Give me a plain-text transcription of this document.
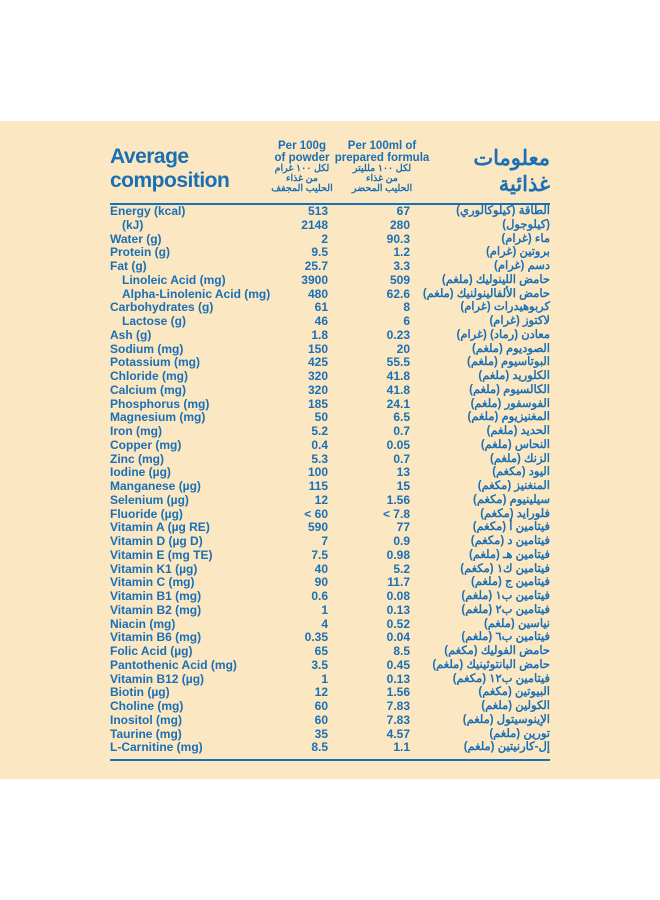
Average
composition
Per 100g
of powder
لكل ١٠٠ غرام
من غذاء
الحليب المجفف
Per 100ml of
prepared formula
لكل ١٠٠ ملليتر
من غذاء
الحليب المحضر
معلومات
غذائية
Energy (kcal)	513	67	الطاقة (كيلوكالوري)
(kJ)	2148	280	(كيلوجول)
Water (g)	2	90.3	ماء (غرام)
Protein (g)	9.5	1.2	بروتين (غرام)
Fat (g)	25.7	3.3	دسم (غرام)
Linoleic Acid (mg)	3900	509	حامض اللينوليك (ملغم)
Alpha-Linolenic Acid (mg)	480	62.6 حامض الألفالينولنيك (ملغم)
Carbohydrates (g)	61	8	كربوهيدرات (غرام)
Lactose (g)	46	6	لاكتوز (غرام)
Ash (g)	1.8	0.23	معادن (رماد) (غرام)
Sodium (mg)	150	20	الصوديوم (ملغم)
Potassium (mg)	425	55.5	البوتاسيوم (ملغم)
Chloride (mg)	320	41.8	الكلوريد (ملغم)
Calcium (mg)	320	41.8	الكالسيوم (ملغم)
Phosphorus (mg)	185	24.1	الفوسفور (ملغم)
Magnesium (mg)	50	6.5	المغنيزيوم (ملغم)
Iron (mg)	5.2	0.7	الحديد (ملغم)
Copper (mg)	0.4	0.05	النحاس (ملغم)
Zinc (mg)	5.3	0.7	الزنك (ملغم)
Iodine (µg)	100	13	اليود (مكغم)
Manganese (µg)	115	15	المنغنيز (مكغم)
Selenium (µg)	12	1.56	سيلينيوم (مكغم)
Fluoride (µg)	< 60	< 7.8	فلورايد (مكغم)
Vitamin A (µg RE)	590	77	فيتامين أ (مكغم)
Vitamin D (µg D)	7	0.9	فيتامين د (مكغم)
Vitamin E (mg TE)	7.5	0.98	فيتامين هـ (ملغم)
Vitamin K1 (µg)	40	5.2	فيتامين ك١ (مكغم)
Vitamin C (mg)	90	11.7	فيتامين ج (ملغم)
Vitamin B1 (mg)	0.6	0.08	فيتامين ب١ (ملغم)
Vitamin B2 (mg)	1	0.13	فيتامين ب٢ (ملغم)
Niacin (mg)	4	0.52	نياسين (ملغم)
Vitamin B6 (mg)	0.35	0.04	فيتامين ب٦ (ملغم)
Folic Acid (µg)	65	8.5	حامض الفوليك (مكغم)
Pantothenic Acid (mg)	3.5	0.45 حامض البانتوثينيك (ملغم)
Vitamin B12 (µg)	1	0.13	فيتامين ب١٢ (مكغم)
Biotin (µg)	12	1.56	البيوتين (مكغم)
Choline (mg)	60	7.83	الكولين (ملغم)
Inositol (mg)	60	7.83	الإينوسيتول (ملغم)
Taurine (mg)	35	4.57	تورين (ملغم)
L-Carnitine (mg)	8.5	1.1	إل-كارنيتين (ملغم)
